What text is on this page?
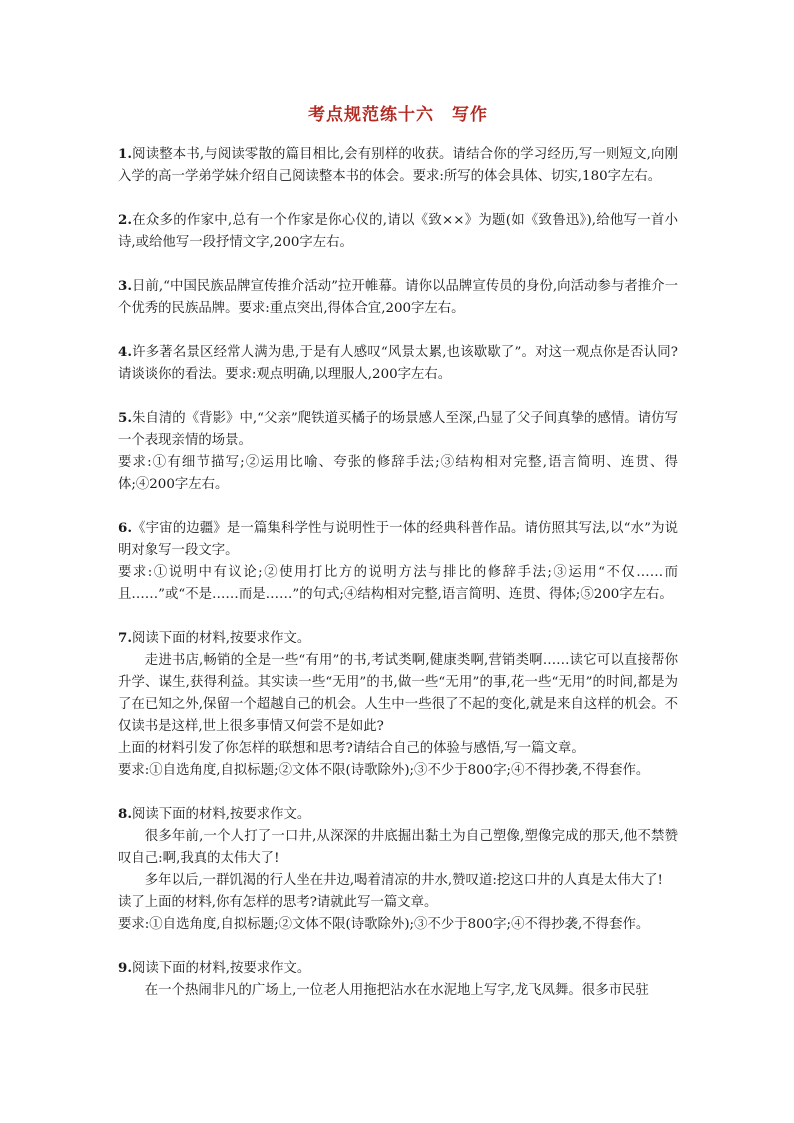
考点规范练十六　写作
1.阅读整本书,与阅读零散的篇目相比,会有别样的收获。请结合你的学习经历,写一则短文,向刚入学的高一学弟学妹介绍自己阅读整本书的体会。要求:所写的体会具体、切实,180字左右。
2.在众多的作家中,总有一个作家是你心仪的,请以《致××》为题(如《致鲁迅》),给他写一首小诗,或给他写一段抒情文字,200字左右。
3.日前,“中国民族品牌宣传推介活动”拉开帷幕。请你以品牌宣传员的身份,向活动参与者推介一个优秀的民族品牌。要求:重点突出,得体合宜,200字左右。
4.许多著名景区经常人满为患,于是有人感叹“风景太累,也该歇歇了”。对这一观点你是否认同?请谈谈你的看法。要求:观点明确,以理服人,200字左右。
5.朱自清的《背影》中,“父亲”爬铁道买橘子的场景感人至深,凸显了父子间真挚的感情。请仿写一个表现亲情的场景。
要求:①有细节描写;②运用比喻、夸张的修辞手法;③结构相对完整,语言简明、连贯、得体;④200字左右。
6.《宇宙的边疆》是一篇集科学性与说明性于一体的经典科普作品。请仿照其写法,以“水”为说明对象写一段文字。
要求:①说明中有议论;②使用打比方的说明方法与排比的修辞手法;③运用“不仅……而且……”或“不是……而是……”的句式;④结构相对完整,语言简明、连贯、得体;⑤200字左右。
7.阅读下面的材料,按要求作文。
走进书店,畅销的全是一些“有用”的书,考试类啊,健康类啊,营销类啊……读它可以直接帮你升学、谋生,获得利益。其实读一些“无用”的书,做一些“无用”的事,花一些“无用”的时间,都是为了在已知之外,保留一个超越自己的机会。人生中一些很了不起的变化,就是来自这样的机会。不仅读书是这样,世上很多事情又何尝不是如此?
上面的材料引发了你怎样的联想和思考?请结合自己的体验与感悟,写一篇文章。
要求:①自选角度,自拟标题;②文体不限(诗歌除外);③不少于800字;④不得抄袭,不得套作。
8.阅读下面的材料,按要求作文。
很多年前,一个人打了一口井,从深深的井底掘出黏土为自己塑像,塑像完成的那天,他不禁赞叹自己:啊,我真的太伟大了!
多年以后,一群饥渴的行人坐在井边,喝着清凉的井水,赞叹道:挖这口井的人真是太伟大了!
读了上面的材料,你有怎样的思考?请就此写一篇文章。
要求:①自选角度,自拟标题;②文体不限(诗歌除外);③不少于800字;④不得抄袭,不得套作。
9.阅读下面的材料,按要求作文。
在一个热闹非凡的广场上,一位老人用拖把沾水在水泥地上写字,龙飞凤舞。很多市民驻
